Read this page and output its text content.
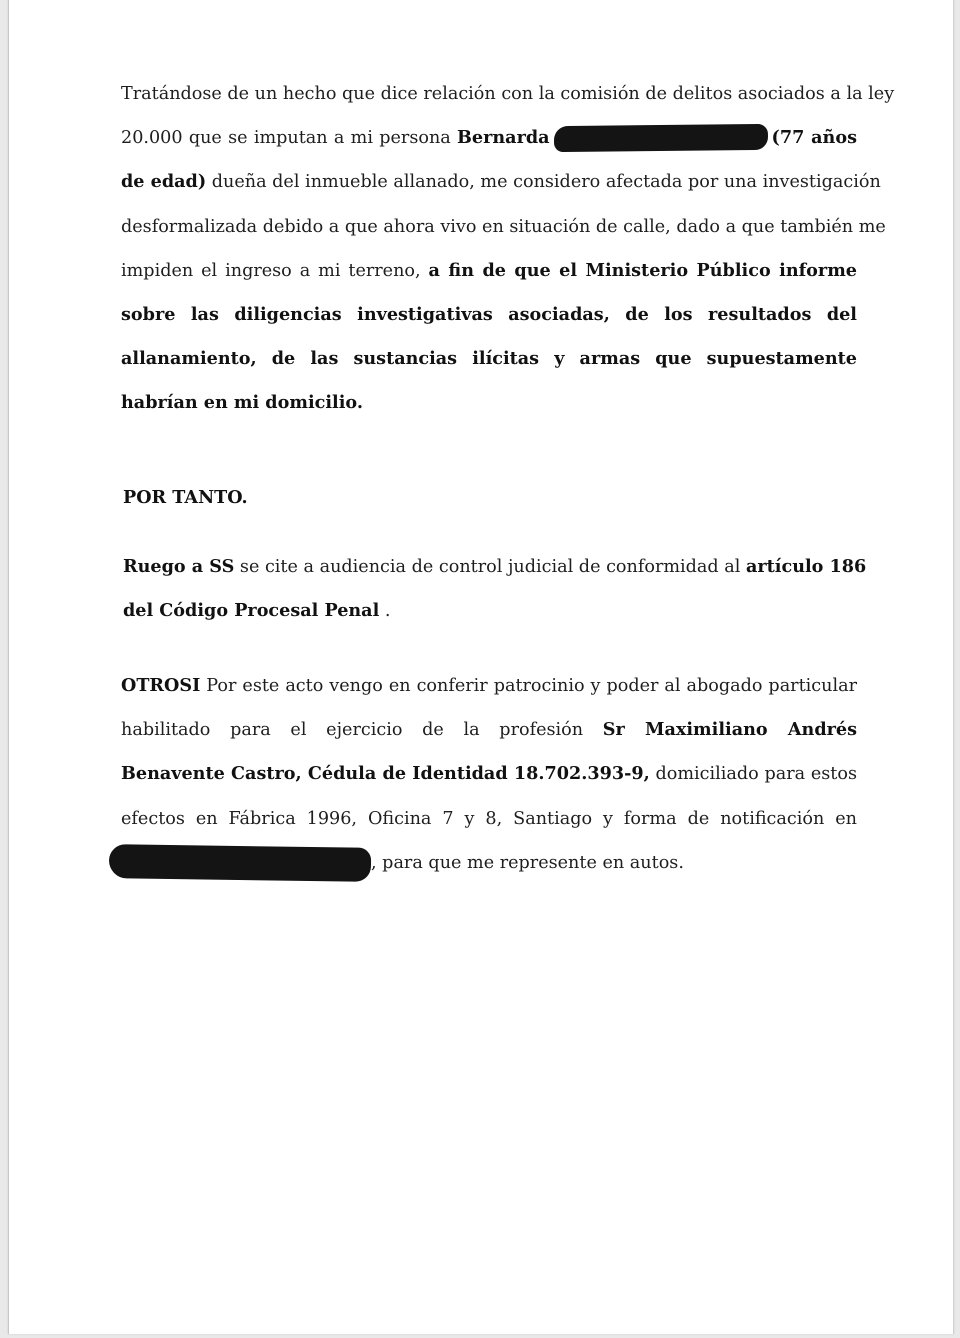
Tratándose de un hecho que dice relación con la comisión de delitos asociados a la ley
20.000 que se imputan a mi persona Bernarda	(77 años
de edad) dueña del inmueble allanado, me considero afectada por una investigación
desformalizada debido a que ahora vivo en situación de calle, dado a que también me
impiden el ingreso a mi terreno, a fin de que el Ministerio Público informe
sobre las diligencias investigativas asociadas, de los resultados del
allanamiento, de las sustancias ilícitas y armas que supuestamente
habrían en mi domicilio.
POR TANTO.
Ruego a SS se cite a audiencia de control judicial de conformidad al artículo 186
del Código Procesal Penal .
OTROSI Por este acto vengo en conferir patrocinio y poder al abogado particular
habilitado para el ejercicio de la profesión Sr Maximiliano Andrés
Benavente Castro, Cédula de Identidad 18.702.393-9, domiciliado para estos
efectos en Fábrica 1996, Oficina 7 y 8, Santiago y forma de notificación en
, para que me represente en autos.
